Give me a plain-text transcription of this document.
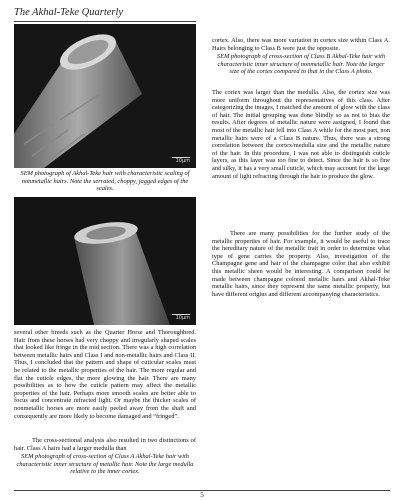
The Akhal-Teke Quarterly
10µm
SEM photograph of Akhal-Teke hair with characteristic scaling of nonmetallic hairs. Note the serrated, choppy, jagged edges of the scales.
10µm

cortex. Also, there was more variation in cortex size within Class A. Hairs belonging to Class B were just the opposite.

SEM photograph of cross-section of Class B Akhal-Teke hair with characteristic inner structure of nonmetallic hair. Note the larger size of the cortex compared to that in the Class A photo.

The cortex was larger than the medulla. Also, the cortex size was more uniform throughout the representatives of this class. After categorizing the images, I matched the amount of glow with the class of hair. The initial grouping was done blindly so as not to bias the results. After degrees of metallic nature were assigned, I found that most of the metallic hair fell into Class A while for the most part, non metallic hairs were of a Class B nature. Thus, there was a strong correlation between the cortex/medulla size and the metallic nature of the hair. In this procedure, I was not able to distinguish cuticle layers, as this layer was too fine to detect. Since the hair is so fine and silky, it has a very small cuticle, which may account for the large amount of light refracting through the hair to produce the glow.

There are many possibilities for the further study of the metallic properties of hair. For example, it would be useful to trace the hereditary nature of the metallic trait in order to determine what type of gene carries the property. Also, investigation of the Champagne gene and hair of the champagne color that also exhibit this metallic sheen would be interesting. A comparison could be made between champagne colored metallic hairs and Akhal-Teke metallic hairs, since they represent the same metallic property, but have different origins and different accompanying characteristics.

several other breeds such as the Quarter Horse and Thoroughbred. Hair from these horses had very choppy and irregularly shaped scales that looked like fringe in the mid section. There was a high correlation between metallic hairs and Class I and non-metallic hairs and Class II. Thus, I concluded that the pattern and shape of cuticular scales must be related to the metallic properties of the hair. The more regular and flat the cuticle edges, the more glowing the hair. There are many possibilities as to how the cuticle pattern may affect the metallic properties of the hair. Perhaps more smooth scales are better able to focus and concentrate refracted light. Or maybe the thicker scales of nonmetallic horses are more easily peeled away from the shaft and consequently are more likely to become damaged and “fringed”.

The cross-sectional analysis also resulted in two distinctions of hair. Class A hairs had a larger medulla than

SEM photograph of cross-section of Class A Akhal-Teke hair with characteristic inner structure of metallic hair. Note the large medulla relative to the inner cortex.
5
